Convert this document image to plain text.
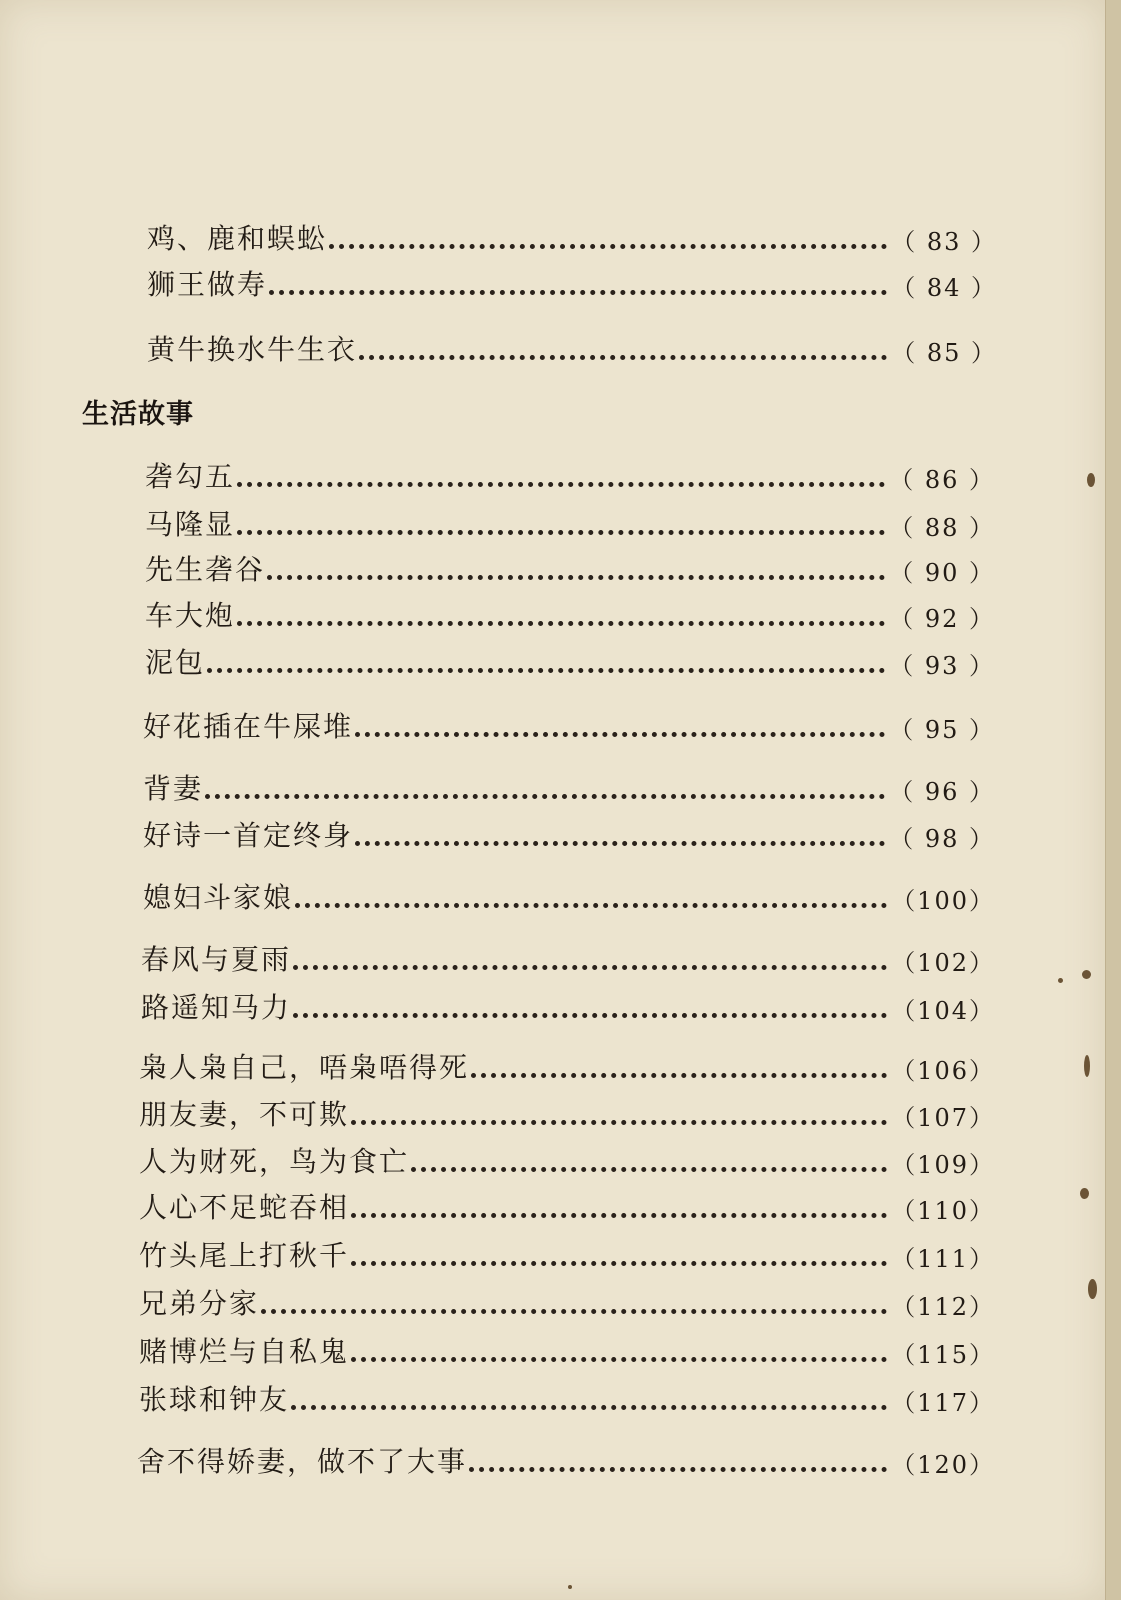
生活故事
鸡、鹿和蜈蚣	（ 83 ）
狮王做寿	（ 84 ）
黄牛换水牛生衣	（ 85 ）
砻勾五	（ 86 ）
马隆显	（ 88 ）
先生砻谷	（ 90 ）
车大炮	（ 92 ）
泥包	（ 93 ）
好花插在牛屎堆	（ 95 ）
背妻	（ 96 ）
好诗一首定终身	（ 98 ）
媳妇斗家娘	（100）
春风与夏雨	（102）
路遥知马力	（104）
枭人枭自己，唔枭唔得死	（106）
朋友妻，不可欺	（107）
人为财死，鸟为食亡	（109）
人心不足蛇吞相	（110）
竹头尾上打秋千	（111）
兄弟分家	（112）
赌博烂与自私鬼	（115）
张球和钟友	（117）
舍不得娇妻，做不了大事	（120）
